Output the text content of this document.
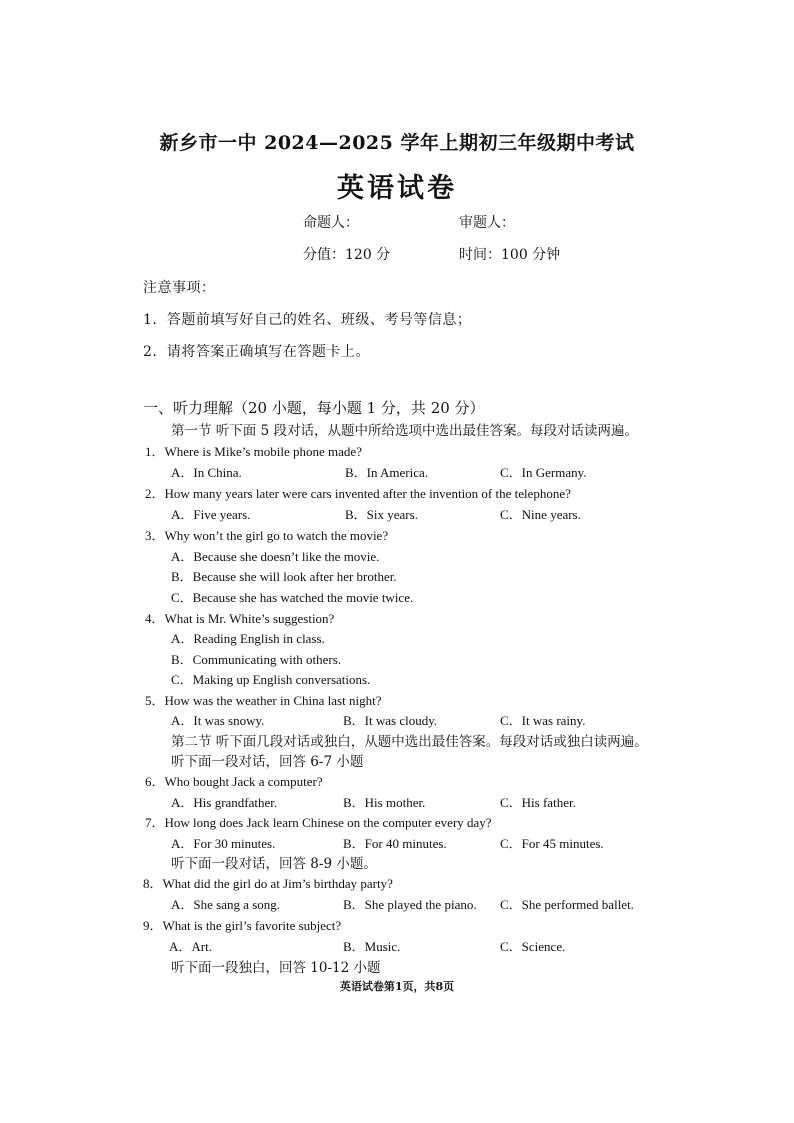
新乡市一中 2024—2025 学年上期初三年级期中考试
英语试卷
命题人：	审题人：
分值：120 分	时间：100 分钟
注意事项：
1．答题前填写好自己的姓名、班级、考号等信息；
2．请将答案正确填写在答题卡上。
一、听力理解（20 小题，每小题 1 分，共 20 分）
第一节 听下面 5 段对话，从题中所给选项中选出最佳答案。每段对话读两遍。
1．Where is Mike’s mobile phone made?
A．In China.	B．In America.	C．In Germany.
2．How many years later were cars invented after the invention of the telephone?
A．Five years.	B．Six years.	C．Nine years.
3．Why won’t the girl go to watch the movie?
A．Because she doesn’t like the movie.
B．Because she will look after her brother.
C．Because she has watched the movie twice.
4．What is Mr. White’s suggestion?
A．Reading English in class.
B．Communicating with others.
C．Making up English conversations.
5．How was the weather in China last night?
A．It was snowy.	B．It was cloudy.	C．It was rainy.
第二节 听下面几段对话或独白，从题中选出最佳答案。每段对话或独白读两遍。
听下面一段对话，回答 6-7 小题
6．Who bought Jack a computer?
A．His grandfather.	B．His mother.	C．His father.
7．How long does Jack learn Chinese on the computer every day?
A．For 30 minutes.	B．For 40 minutes.	C．For 45 minutes.
听下面一段对话，回答 8-9 小题。
8．What did the girl do at Jim’s birthday party?
A．She sang a song.	B．She played the piano. C．She performed ballet.
9．What is the girl’s favorite subject?
A．Art.	B．Music.	C．Science.
听下面一段独白，回答 10-12 小题
英语试卷第1页，共8页
